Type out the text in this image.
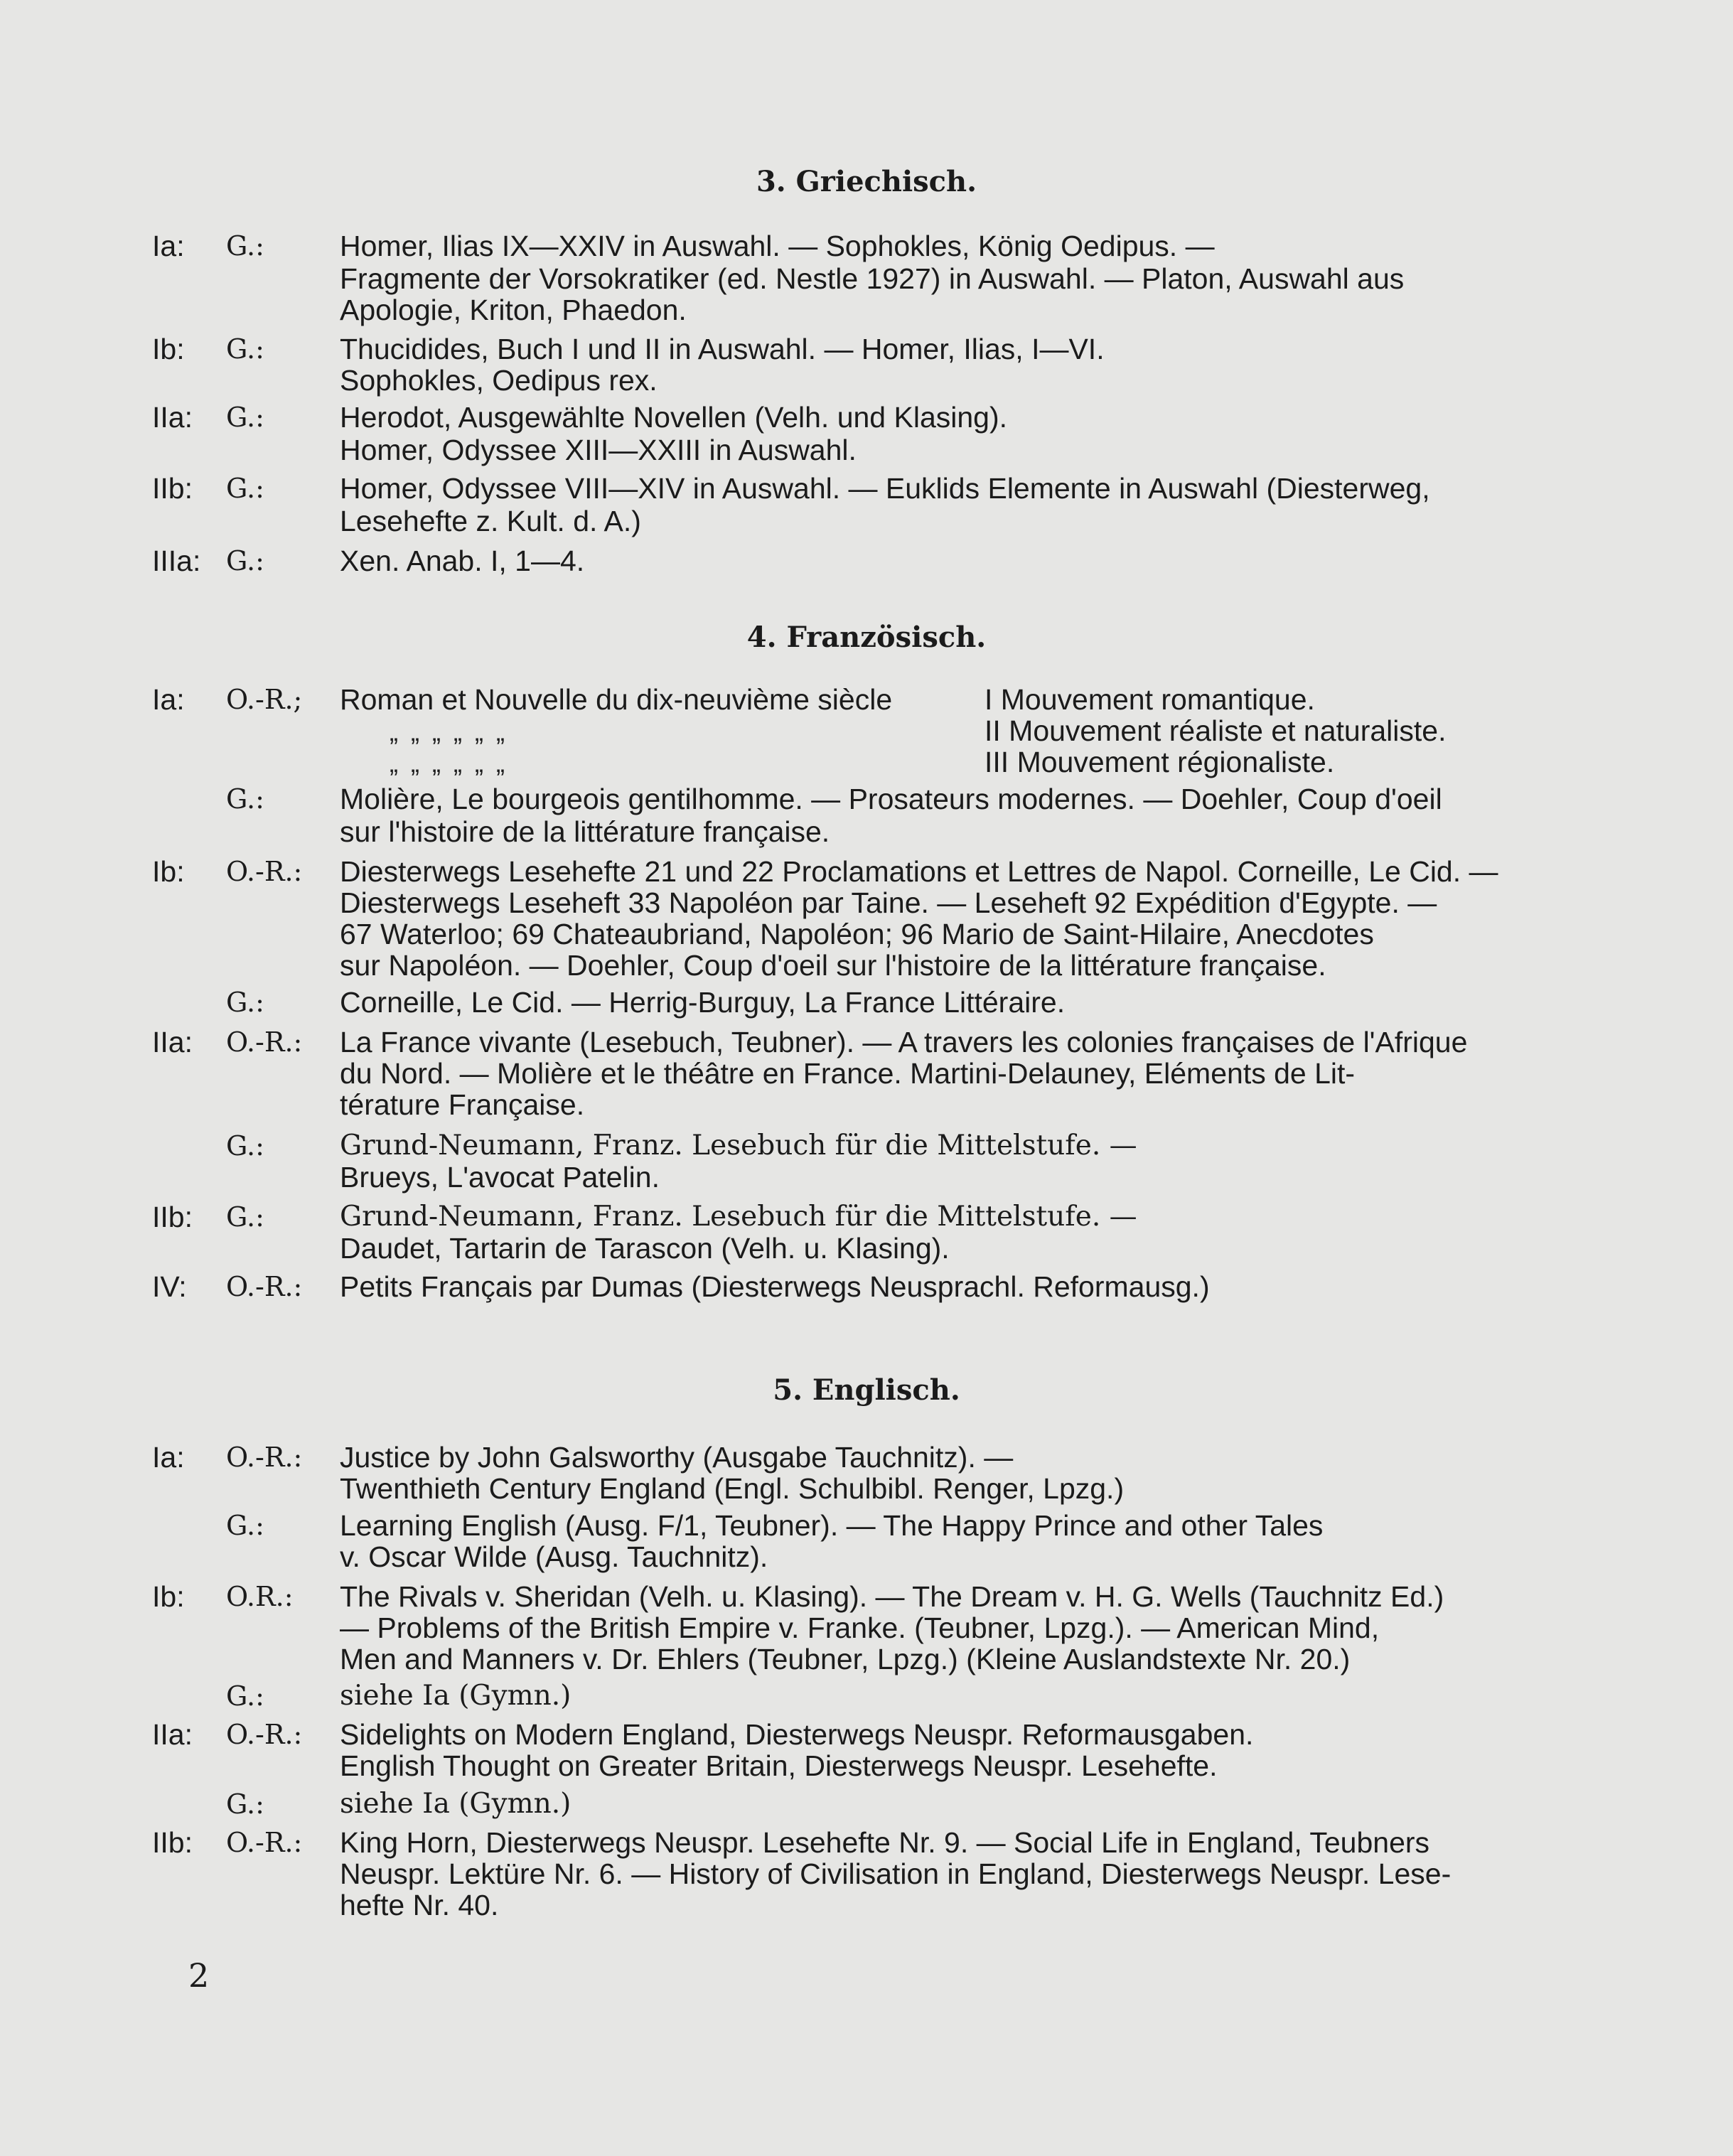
3. Griechisch.
Ia:	G.:	Homer, Ilias IX—XXIV in Auswahl. — Sophokles, König Oedipus. —
Fragmente der Vorsokratiker (ed. Nestle 1927) in Auswahl. — Platon, Auswahl aus
Apologie, Kriton, Phaedon.
Ib:	G.:	Thucidides, Buch I und II in Auswahl. — Homer, Ilias, I—VI.
Sophokles, Oedipus rex.
IIa:	G.:	Herodot, Ausgewählte Novellen (Velh. und Klasing).
Homer, Odyssee XIII—XXIII in Auswahl.
IIb:	G.:	Homer, Odyssee VIII—XIV in Auswahl. — Euklids Elemente in Auswahl (Diesterweg,
Lesehefte z. Kult. d. A.)
IIIa: G.:	Xen. Anab. I, 1—4.
4. Französisch.
Ia:	O.-R.;	Roman et Nouvelle du dix-neuvième siècle	I Mouvement romantique.
„ „ „ „ „ „	II Mouvement réaliste et naturaliste.
„ „ „ „ „ „	III Mouvement régionaliste.
G.:	Molière, Le bourgeois gentilhomme. — Prosateurs modernes. — Doehler, Coup d'oeil
sur l'histoire de la littérature française.
Ib:	O.-R.:	Diesterwegs Lesehefte 21 und 22 Proclamations et Lettres de Napol. Corneille, Le Cid. —
Diesterwegs Leseheft 33 Napoléon par Taine. — Leseheft 92 Expédition d'Egypte. —
67 Waterloo; 69 Chateaubriand, Napoléon; 96 Mario de Saint-Hilaire, Anecdotes
sur Napoléon. — Doehler, Coup d'oeil sur l'histoire de la littérature française.
G.:	Corneille, Le Cid. — Herrig-Burguy, La France Littéraire.
IIa:	O.-R.:	La France vivante (Lesebuch, Teubner). — A travers les colonies françaises de l'Afrique
du Nord. — Molière et le théâtre en France. Martini-Delauney, Eléments de Lit-
térature Française.
G.:	Grund-Neumann, Franz. Lesebuch für die Mittelstufe. —
Brueys, L'avocat Patelin.
IIb:	G.:	Grund-Neumann, Franz. Lesebuch für die Mittelstufe. —
Daudet, Tartarin de Tarascon (Velh. u. Klasing).
IV:	O.-R.:	Petits Français par Dumas (Diesterwegs Neusprachl. Reformausg.)
5. Englisch.
Ia:	O.-R.:	Justice by John Galsworthy (Ausgabe Tauchnitz). —
Twenthieth Century England (Engl. Schulbibl. Renger, Lpzg.)
G.:	Learning English (Ausg. F/1, Teubner). — The Happy Prince and other Tales
v. Oscar Wilde (Ausg. Tauchnitz).
Ib:	O.R.:	The Rivals v. Sheridan (Velh. u. Klasing). — The Dream v. H. G. Wells (Tauchnitz Ed.)
— Problems of the British Empire v. Franke. (Teubner, Lpzg.). — American Mind,
Men and Manners v. Dr. Ehlers (Teubner, Lpzg.) (Kleine Auslandstexte Nr. 20.)
G.:	siehe Ia (Gymn.)
IIa:	O.-R.:	Sidelights on Modern England, Diesterwegs Neuspr. Reformausgaben.
English Thought on Greater Britain, Diesterwegs Neuspr. Lesehefte.
G.:	siehe Ia (Gymn.)
IIb:	O.-R.:	King Horn, Diesterwegs Neuspr. Lesehefte Nr. 9. — Social Life in England, Teubners
Neuspr. Lektüre Nr. 6. — History of Civilisation in England, Diesterwegs Neuspr. Lese-
hefte Nr. 40.
2
